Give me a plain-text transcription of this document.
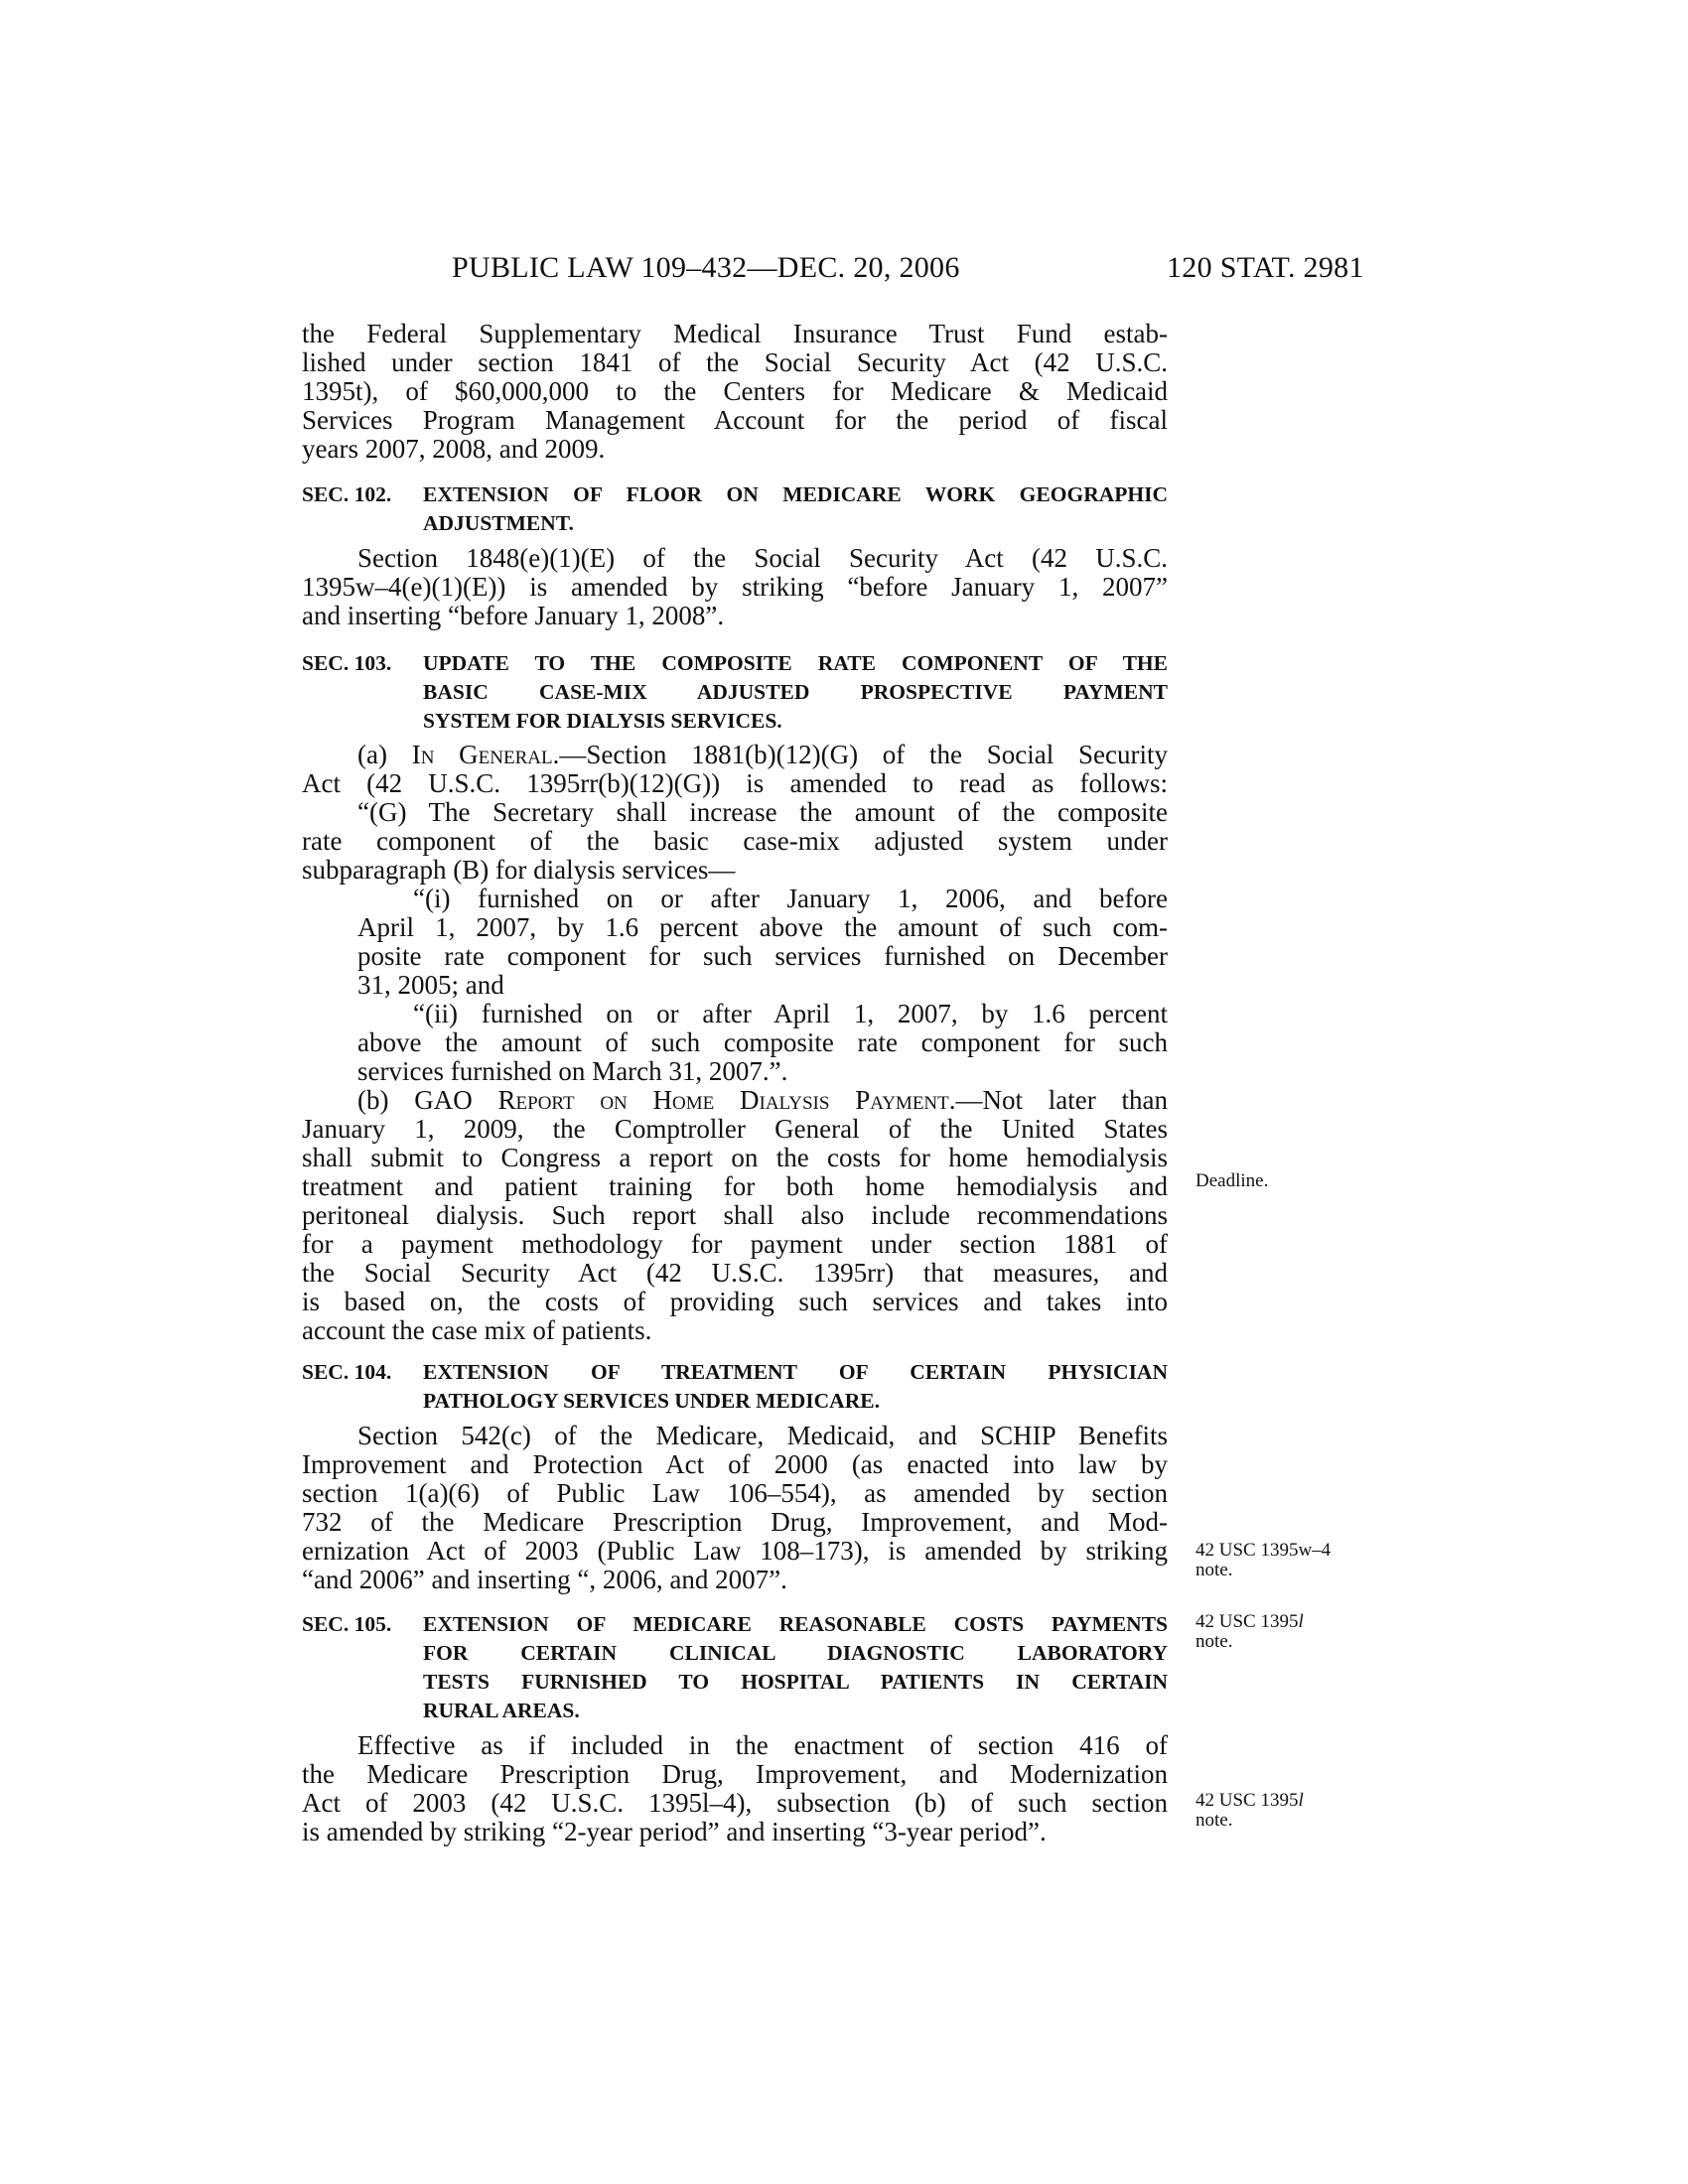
PUBLIC LAW 109–432—DEC. 20, 2006	120 STAT. 2981

the Federal Supplementary Medical Insurance Trust Fund estab-

lished under section 1841 of the Social Security Act (42 U.S.C.

1395t), of $60,000,000 to the Centers for Medicare & Medicaid

Services Program Management Account for the period of fiscal

years 2007, 2008, and 2009.

SEC. 102.	EXTENSION OF FLOOR ON MEDICARE WORK GEOGRAPHIC
ADJUSTMENT.

Section 1848(e)(1)(E) of the Social Security Act (42 U.S.C.

1395w–4(e)(1)(E)) is amended by striking “before January 1, 2007”

and inserting “before January 1, 2008”.

SEC. 103.	UPDATE TO THE COMPOSITE RATE COMPONENT OF THE
BASIC CASE-MIX ADJUSTED PROSPECTIVE PAYMENT
SYSTEM FOR DIALYSIS SERVICES.

(a) In General.—Section 1881(b)(12)(G) of the Social Security

Act (42 U.S.C. 1395rr(b)(12)(G)) is amended to read as follows:

“(G) The Secretary shall increase the amount of the composite

rate component of the basic case-mix adjusted system under

subparagraph (B) for dialysis services—

“(i) furnished on or after January 1, 2006, and before

April 1, 2007, by 1.6 percent above the amount of such com-

posite rate component for such services furnished on December

31, 2005; and

“(ii) furnished on or after April 1, 2007, by 1.6 percent

above the amount of such composite rate component for such

services furnished on March 31, 2007.”.

(b) GAO Report on Home Dialysis Payment.—Not later than

January 1, 2009, the Comptroller General of the United States

shall submit to Congress a report on the costs for home hemodialysis

treatment and patient training for both home hemodialysis and

peritoneal dialysis. Such report shall also include recommendations

for a payment methodology for payment under section 1881 of

the Social Security Act (42 U.S.C. 1395rr) that measures, and

is based on, the costs of providing such services and takes into

account the case mix of patients.

SEC. 104.	EXTENSION OF TREATMENT OF CERTAIN PHYSICIAN
PATHOLOGY SERVICES UNDER MEDICARE.

Section 542(c) of the Medicare, Medicaid, and SCHIP Benefits

Improvement and Protection Act of 2000 (as enacted into law by

section 1(a)(6) of Public Law 106–554), as amended by section

732 of the Medicare Prescription Drug, Improvement, and Mod-

ernization Act of 2003 (Public Law 108–173), is amended by striking

“and 2006” and inserting “, 2006, and 2007”.

SEC. 105.	EXTENSION OF MEDICARE REASONABLE COSTS PAYMENTS
FOR CERTAIN CLINICAL DIAGNOSTIC LABORATORY
TESTS FURNISHED TO HOSPITAL PATIENTS IN CERTAIN
RURAL AREAS.

Effective as if included in the enactment of section 416 of

the Medicare Prescription Drug, Improvement, and Modernization

Act of 2003 (42 U.S.C. 1395l–4), subsection (b) of such section

is amended by striking “2-year period” and inserting “3-year period”.

Deadline.
42 USC 1395w–4
note.
42 USC 1395l
note.
42 USC 1395l
note.
